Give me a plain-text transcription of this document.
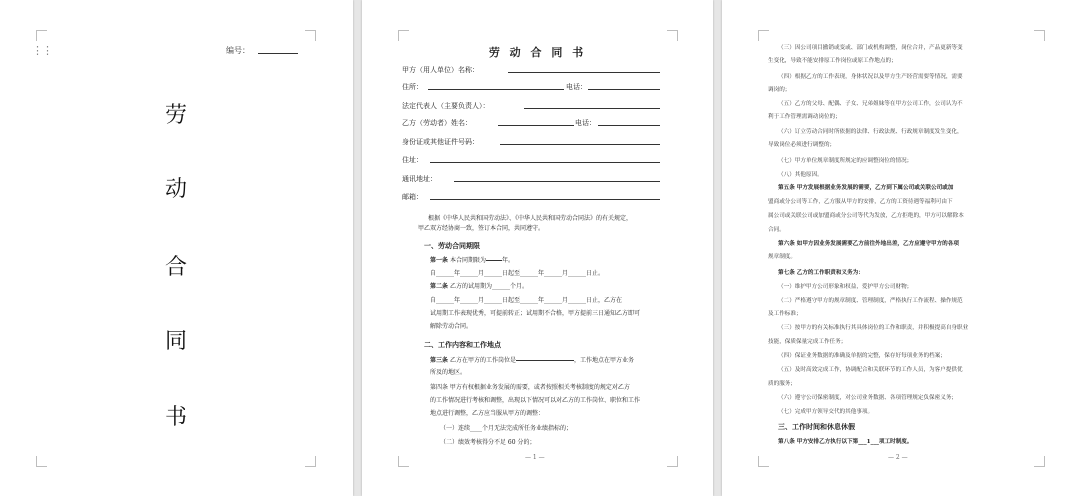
⋮⋮	编号：
劳
动
合
同
书
劳 动 合 同 书
甲方（用人单位）名称：
住所：	电话：
法定代表人（主要负责人）：
乙方（劳动者）姓名：	电话：
身份证或其他证件号码：
住址：
通讯地址：
邮箱：
根据《中华人民共和国劳动法》、《中华人民共和国劳动合同法》的有关规定，
甲乙双方经协商一致，签订本合同，共同遵守。
一、劳动合同期限
第一条 本合同期限为	年。
自______年______月______日起至______年______月______日止。
第二条 乙方的试用期为______个月。
自______年______月______日起至______年______月______日止，乙方在
试用期工作表现优秀，可提前转正；试用期不合格，甲方提前三日通知乙方即可
解除劳动合同。
二、工作内容和工作地点
第三条 乙方在甲方的工作岗位是	，工作地点在甲方业务
所及的地区。
第四条 甲方有权根据业务发展的需要，或者按照相关考核制度的规定对乙方
的工作情况进行考核和调整，出现以下情况可以对乙方的工作岗位、职位和工作
地点进行调整，乙方应当服从甲方的调整：
（一）连续____个月无法完成所任务业绩指标的；
（二）绩效考核得分不足 60 分的；
— 1 —
（三）因公司项目撤销或变或、部门或机构调整，岗位合并，产品更新等变
生变化，导致不能安排原工作岗位或原工作地点的；
（四）根据乙方的工作表现，身体状况以及甲方生产经营需要等情况，需要
调岗的；
（五）乙方的父母、配偶、子女、兄弟姐妹等在甲方公司工作，公司认为不
利于工作管理需调动岗位的；
（六）订立劳动合同时所依据的法律、行政法规、行政规章制度发生变化，
导致岗位必须进行调整的；
（七）甲方单位规章制度所规定的应调整岗位的情况；
（八）其他原因。
第五条 甲方发展根据业务发展的需要，乙方到下属公司或关联公司或加
盟商或分公司等工作，乙方服从甲方的安排，乙方的工资待遇等福利可由下
属公司或关联公司或加盟商或分公司等代为发放，乙方拒绝的，甲方可以解除本
合同。
第六条 如甲方因业务发展需要乙方前往外地出差，乙方应遵守甲方的各项
规章制度。
第七条 乙方的工作职责和义务为：
（一）维护甲方公司形象和权益，爱护甲方公司财物；
（二）严格遵守甲方的规章制度、管理制度，严格执行工作流程、操作规范
及工作标准；
（三）按甲方的有关标准执行其具体岗位的工作和职责，并积极提高自身职业
技能，保质保量完成工作任务；
（四）保证业务数据的准确及单据的完整，保存好每项业务的档案；
（五）及时高效完成工作，协调配合和关联环节的工作人员，为客户提供优
质的服务；
（六）遵守公司保密制度，对公司业务数据、各项管理规定负保密义务；
（七）完成甲方领导交代的其他事项。
三、工作时间和休息休假
第八条 甲方安排乙方执行以下第___1___项工时制度。
— 2 —
